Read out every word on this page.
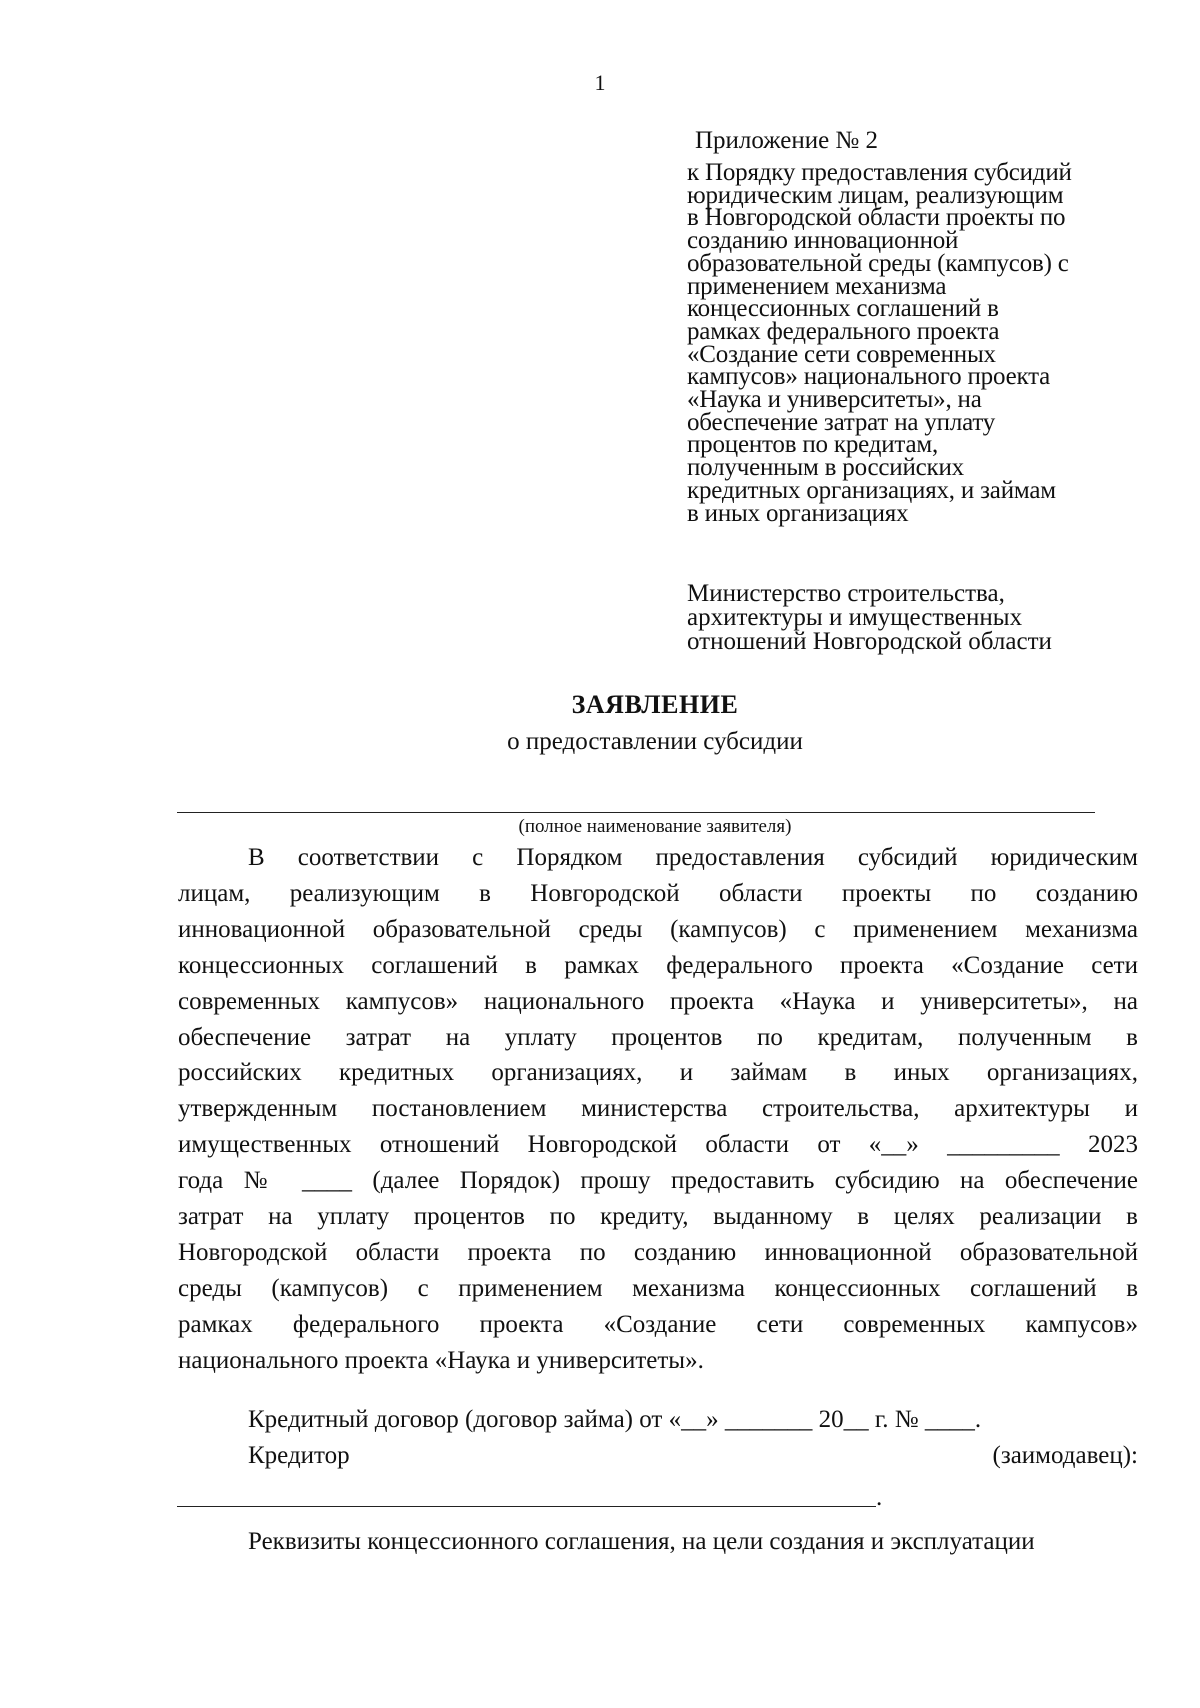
1
Приложение № 2
к Порядку предоставления субсидий
юридическим лицам, реализующим
в Новгородской области проекты по
созданию инновационной
образовательной среды (кампусов) с
применением механизма
концессионных соглашений в
рамках федерального проекта
«Создание сети современных
кампусов» национального проекта
«Наука и университеты», на
обеспечение затрат на уплату
процентов по кредитам,
полученным в российских
кредитных организациях, и займам
в иных организациях
Министерство строительства,
архитектуры и имущественных
отношений Новгородской области
ЗАЯВЛЕНИЕ
о предоставлении субсидии
(полное наименование заявителя)
В соответствии с Порядком предоставления субсидий юридическим
лицам, реализующим в Новгородской области проекты по созданию
инновационной образовательной среды (кампусов) с применением механизма
концессионных соглашений в рамках федерального проекта «Создание сети
современных кампусов» национального проекта «Наука и университеты», на
обеспечение затрат на уплату процентов по кредитам, полученным в
российских кредитных организациях, и займам в иных организациях,
утвержденным постановлением министерства строительства, архитектуры и
имущественных отношений Новгородской области от «__» _________ 2023
года № ____ (далее Порядок) прошу предоставить субсидию на обеспечение
затрат на уплату процентов по кредиту, выданному в целях реализации в
Новгородской области проекта по созданию инновационной образовательной
среды (кампусов) с применением механизма концессионных соглашений в
рамках федерального проекта «Создание сети современных кампусов»
национального проекта «Наука и университеты».
Кредитный договор (договор займа) от «__» _______ 20__ г. № ____.
Кредитор	(заимодавец):
.

Реквизиты концессионного соглашения, на цели создания и эксплуатации
